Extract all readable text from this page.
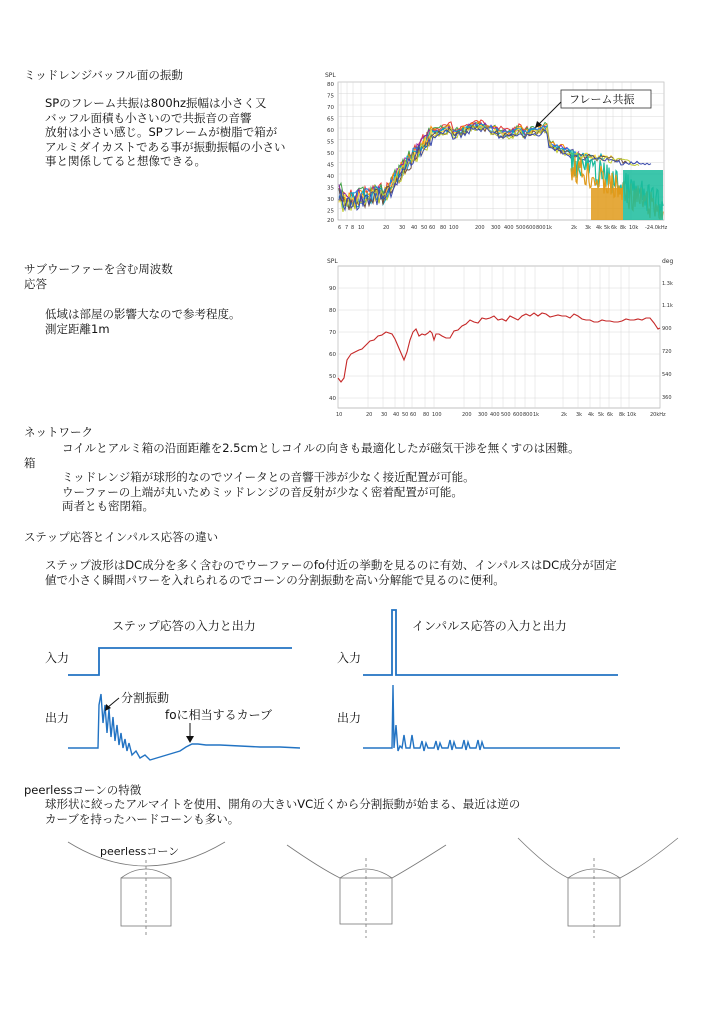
ミッドレンジバッフル面の振動
SPのフレーム共振は800hz振幅は小さく又
バッフル面積も小さいので共振音の音響
放射は小さい感じ。SPフレームが樹脂で箱が
アルミダイカストである事が振動振幅の小さい
事と関係してると想像できる。
SPL
80
75
70
65
60
55
50
45
40
35
30
25
20
6 7 8 10	20 30 40 50 60 80 100	200 300 400 500 600 800 1k	2k 3k 4k 5k 6k 8k 10k -24.0kHz
フレーム共振
サブウーファーを含む周波数
応答
低域は部屋の影響大なので参考程度。
測定距離1m
SPL	deg
90
80
70
60
50
40
1.3k
1.1k
900
720
540
360
10	20 30 40 50 60 80 100	200 300 400 500 600 800 1k	2k 3k 4k 5k 6k 8k 10k	20kHz
ネットワーク
コイルとアルミ箱の沿面距離を2.5cmとしコイルの向きも最適化したが磁気干渉を無くすのは困難。
箱
ミッドレンジ箱が球形的なのでツイータとの音響干渉が少なく接近配置が可能。
ウーファーの上端が丸いためミッドレンジの音反射が少なく密着配置が可能。
両者とも密閉箱。
ステップ応答とインパルス応答の違い
ステップ波形はDC成分を多く含むのでウーファーのfo付近の挙動を見るのに有効、インパルスはDC成分が固定
値で小さく瞬間パワーを入れられるのでコーンの分割振動を高い分解能で見るのに便利。
ステップ応答の入力と出力
入力
出力
分割振動
foに相当するカーブ
インパルス応答の入力と出力
入力
出力
peerlessコーンの特徴
球形状に絞ったアルマイトを使用、開角の大きいVC近くから分割振動が始まる、最近は逆の
カーブを持ったハードコーンも多い。
peerlessコーン
